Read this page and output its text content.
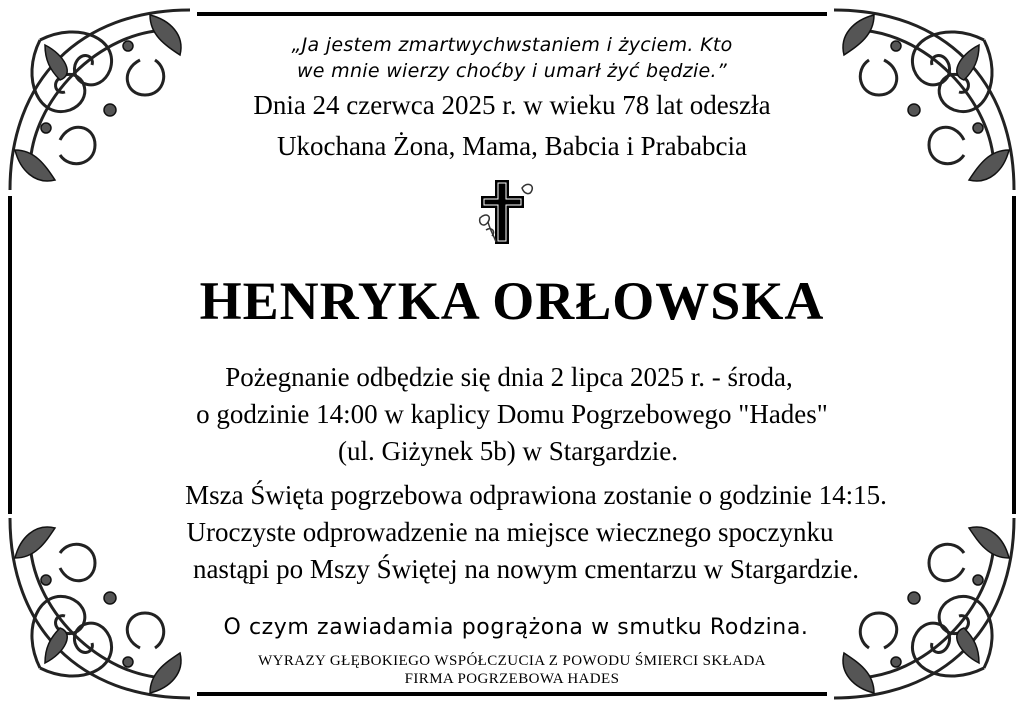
„Ja jestem zmartwychwstaniem i życiem. Kto
we mnie wierzy choćby i umarł żyć będzie.”
Dnia 24 czerwca 2025 r. w wieku 78 lat odeszła
Ukochana Żona, Mama, Babcia i Prababcia
HENRYKA ORŁOWSKA
Pożegnanie odbędzie się dnia 2 lipca 2025 r. - środa,
o godzinie 14:00 w kaplicy Domu Pogrzebowego "Hades"
(ul. Giżynek 5b) w Stargardzie.
Msza Święta pogrzebowa odprawiona zostanie o godzinie 14:15.
Uroczyste odprowadzenie na miejsce wiecznego spoczynku
nastąpi po Mszy Świętej na nowym cmentarzu w Stargardzie.
O czym zawiadamia pogrążona w smutku Rodzina.
WYRAZY GŁĘBOKIEGO WSPÓŁCZUCIA Z POWODU ŚMIERCI SKŁADA
FIRMA POGRZEBOWA HADES
